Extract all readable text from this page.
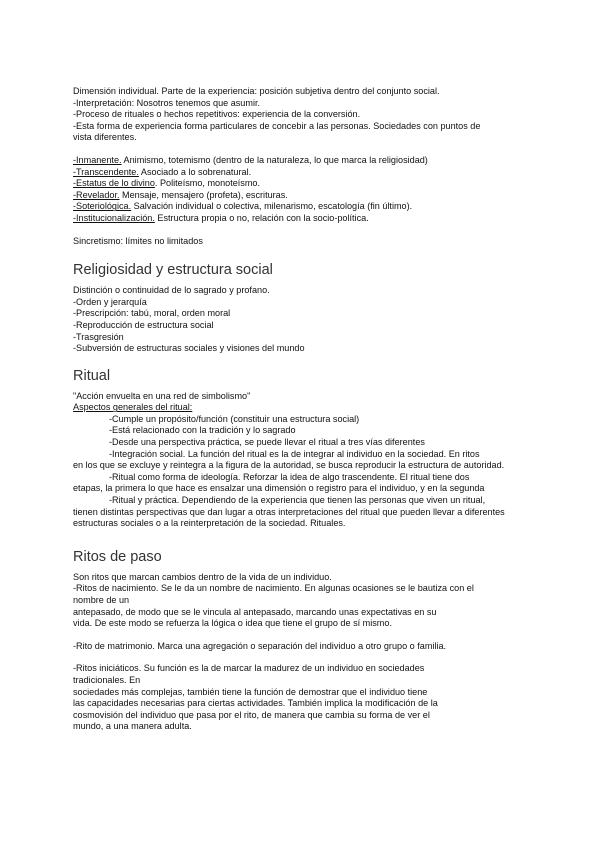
Dimensión individual. Parte de la experiencia: posición subjetiva dentro del conjunto social.
-Interpretación: Nosotros tenemos que asumir.
-Proceso de rituales o hechos repetitivos: experiencia de la conversión.
-Esta forma de experiencia forma particulares de concebir a las personas. Sociedades con puntos de
vista diferentes.
-Inmanente. Animismo, totemismo (dentro de la naturaleza, lo que marca la religiosidad)
-Transcendente. Asociado a lo sobrenatural.
-Estatus de lo divino. Politeísmo, monoteísmo.
-Revelador. Mensaje, mensajero (profeta), escrituras.
-Soteriológica. Salvación individual o colectiva, milenarismo, escatología (fin último).
-Institucionalización. Estructura propia o no, relación con la socio-política.
Sincretismo: límites no limitados
Religiosidad y estructura social
Distinción o continuidad de lo sagrado y profano.
-Orden y jerarquía
-Prescripción: tabú, moral, orden moral
-Reproducción de estructura social
-Trasgresión
-Subversión de estructuras sociales y visiones del mundo
Ritual
"Acción envuelta en una red de simbolismo"
Aspectos generales del ritual:
-Cumple un propósito/función (constituir una estructura social)
-Está relacionado con la tradición y lo sagrado
-Desde una perspectiva práctica, se puede llevar el ritual a tres vías diferentes
-Integración social. La función del ritual es la de integrar al individuo en la sociedad. En ritos
en los que se excluye y reintegra a la figura de la autoridad, se busca reproducir la estructura de autoridad.
-Ritual como forma de ideología. Reforzar la idea de algo trascendente. El ritual tiene dos
etapas, la primera lo que hace es ensalzar una dimensión o registro para el individuo, y en la segunda
-Ritual y práctica. Dependiendo de la experiencia que tienen las personas que viven un ritual,
tienen distintas perspectivas que dan lugar a otras interpretaciones del ritual que pueden llevar a diferentes estructuras sociales o a la reinterpretación de la sociedad. Rituales.
Ritos de paso
Son ritos que marcan cambios dentro de la vida de un individuo.
-Ritos de nacimiento. Se le da un nombre de nacimiento. En algunas ocasiones se le bautiza con el
nombre de un
antepasado, de modo que se le vincula al antepasado, marcando unas expectativas en su
vida. De este modo se refuerza la lógica o idea que tiene el grupo de sí mismo.
-Rito de matrimonio. Marca una agregación o separación del individuo a otro grupo o familia.
-Ritos iniciáticos. Su función es la de marcar la madurez de un individuo en sociedades
tradicionales. En
sociedades más complejas, también tiene la función de demostrar que el individuo tiene
las capacidades necesarias para ciertas actividades. También implica la modificación de la
cosmovisión del individuo que pasa por el rito, de manera que cambia su forma de ver el
mundo, a una manera adulta.
